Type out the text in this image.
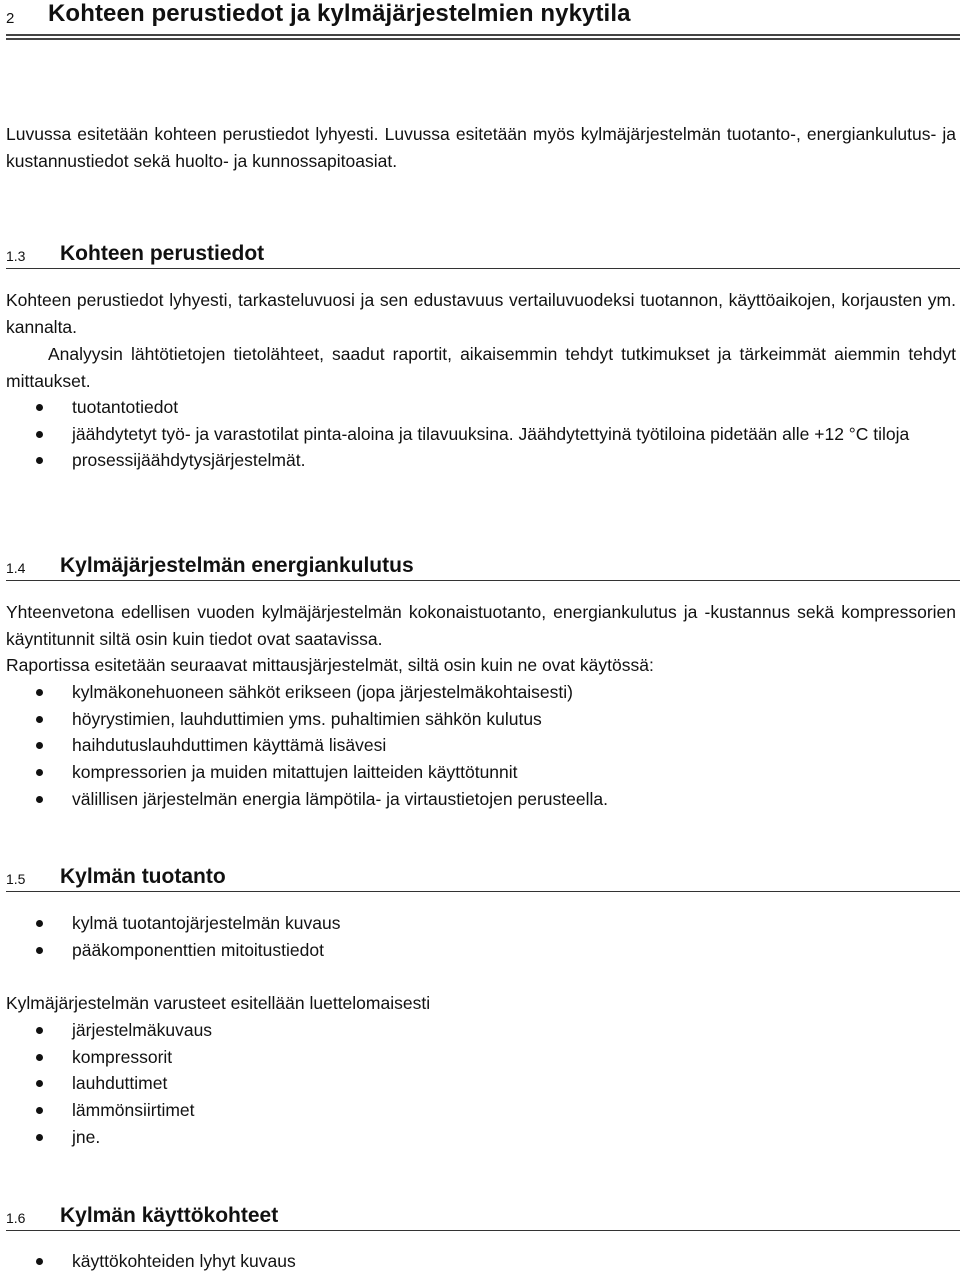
2 Kohteen perustiedot ja kylmäjärjestelmien nykytila

Luvussa esitetään kohteen perustiedot lyhyesti. Luvussa esitetään myös kylmäjärjestelmän tuotanto-, energiankulutus- ja kustannustiedot sekä huolto- ja kunnossapitoasiat.

1.3 Kohteen perustiedot

Kohteen perustiedot lyhyesti, tarkasteluvuosi ja sen edustavuus vertailuvuodeksi tuotannon, käyttöaikojen, korjausten ym. kannalta.

Analyysin lähtötietojen tietolähteet, saadut raportit, aikaisemmin tehdyt tutkimukset ja tärkeimmät aiemmin tehdyt mittaukset.

tuotantotiedot
jäähdytetyt työ- ja varastotilat pinta-aloina ja tilavuuksina. Jäähdytettyinä työtiloina pidetään alle +12 °C tiloja
prosessijäähdytysjärjestelmät.
1.4 Kylmäjärjestelmän energiankulutus

Yhteenvetona edellisen vuoden kylmäjärjestelmän kokonaistuotanto, energiankulutus ja -kustannus sekä kompressorien käyntitunnit siltä osin kuin tiedot ovat saatavissa.

Raportissa esitetään seuraavat mittausjärjestelmät, siltä osin kuin ne ovat käytössä:

kylmäkonehuoneen sähköt erikseen (jopa järjestelmäkohtaisesti)
höyrystimien, lauhduttimien yms. puhaltimien sähkön kulutus
haihdutuslauhduttimen käyttämä lisävesi
kompressorien ja muiden mitattujen laitteiden käyttötunnit
välillisen järjestelmän energia lämpötila- ja virtaustietojen perusteella.
1.5 Kylmän tuotanto
kylmä tuotantojärjestelmän kuvaus
pääkomponenttien mitoitustiedot

Kylmäjärjestelmän varusteet esitellään luettelomaisesti

järjestelmäkuvaus
kompressorit
lauhduttimet
lämmönsiirtimet
jne.
1.6 Kylmän käyttökohteet
käyttökohteiden lyhyt kuvaus
